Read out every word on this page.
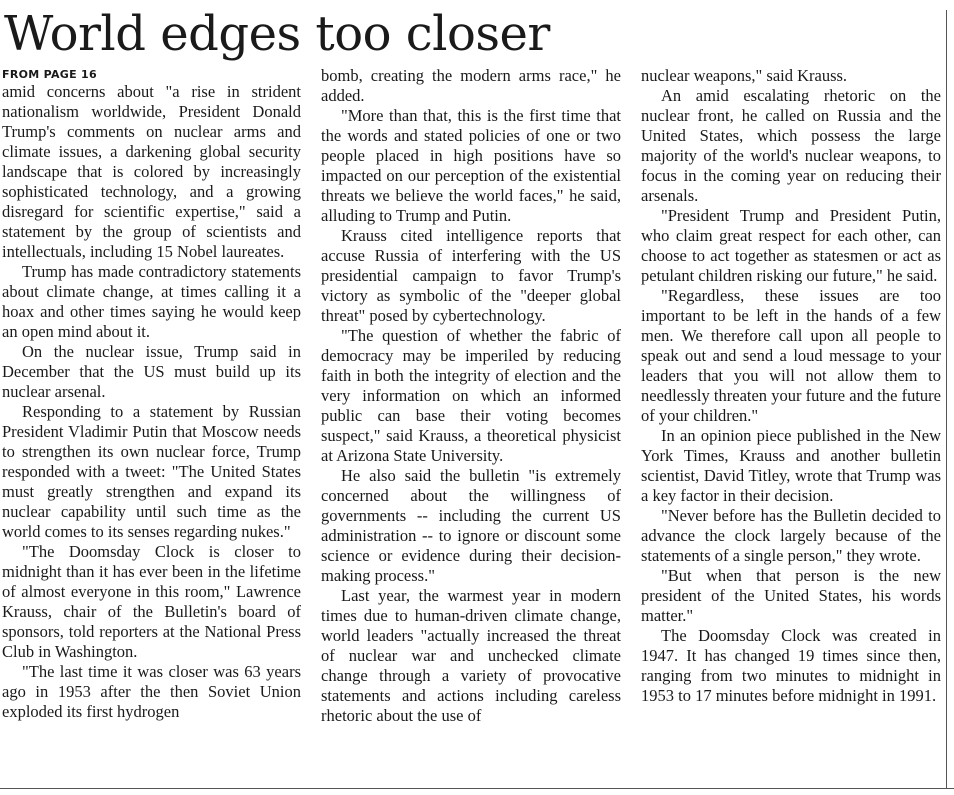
World edges too closer
FROM PAGE 16

amid concerns about "a rise in strident nationalism worldwide, President Donald Trump's comments on nuclear arms and climate issues, a darkening global security landscape that is colored by increasingly sophisticated technology, and a growing disregard for scientific expertise," said a statement by the group of scientists and intellectuals, including 15 Nobel laureates.

Trump has made contradictory statements about climate change, at times calling it a hoax and other times saying he would keep an open mind about it.

On the nuclear issue, Trump said in December that the US must build up its nuclear arsenal.

Responding to a statement by Russian President Vladimir Putin that Moscow needs to strengthen its own nuclear force, Trump responded with a tweet: "The United States must greatly strengthen and expand its nuclear capability until such time as the world comes to its senses regarding nukes."

"The Doomsday Clock is closer to midnight than it has ever been in the lifetime of almost everyone in this room," Lawrence Krauss, chair of the Bulletin's board of sponsors, told reporters at the National Press Club in Washington.

"The last time it was closer was 63 years ago in 1953 after the then Soviet Union exploded its first hydrogen

bomb, creating the modern arms race," he added.

"More than that, this is the first time that the words and stated policies of one or two people placed in high positions have so impacted on our perception of the existential threats we believe the world faces," he said, alluding to Trump and Putin.

Krauss cited intelligence reports that accuse Russia of interfering with the US presidential campaign to favor Trump's victory as symbolic of the "deeper global threat" posed by cybertechnology.

"The question of whether the fabric of democracy may be imperiled by reducing faith in both the integrity of election and the very information on which an informed public can base their voting becomes suspect," said Krauss, a theoretical physicist at Arizona State University.

He also said the bulletin "is extremely concerned about the willingness of governments -- including the current US administration -- to ignore or discount some science or evidence during their decision-making process."

Last year, the warmest year in modern times due to human-driven climate change, world leaders "actually increased the threat of nuclear war and unchecked climate change through a variety of provocative statements and actions including careless rhetoric about the use of

nuclear weapons," said Krauss.

An amid escalating rhetoric on the nuclear front, he called on Russia and the United States, which possess the large majority of the world's nuclear weapons, to focus in the coming year on reducing their arsenals.

"President Trump and President Putin, who claim great respect for each other, can choose to act together as statesmen or act as petulant children risking our future," he said.

"Regardless, these issues are too important to be left in the hands of a few men. We therefore call upon all people to speak out and send a loud message to your leaders that you will not allow them to needlessly threaten your future and the future of your children."

In an opinion piece published in the New York Times, Krauss and another bulletin scientist, David Titley, wrote that Trump was a key factor in their decision.

"Never before has the Bulletin decided to advance the clock largely because of the statements of a single person," they wrote.

"But when that person is the new president of the United States, his words matter."

The Doomsday Clock was created in 1947. It has changed 19 times since then, ranging from two minutes to midnight in 1953 to 17 minutes before midnight in 1991.
